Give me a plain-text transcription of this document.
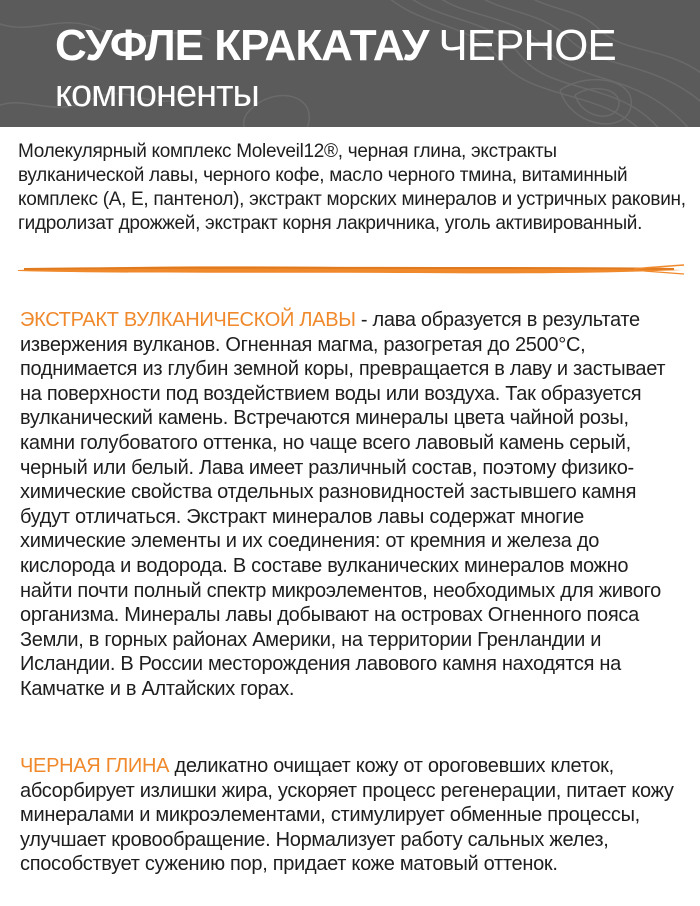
СУФЛЕ КРАКАТАУ ЧЕРНОЕ
компоненты
Молекулярный комплекс Moleveil12®, черная глина, экстракты вулканической лавы, черного кофе, масло черного тмина, витаминный комплекс (A, E, пантенол), экстракт морских минералов и устричных раковин, гидролизат дрожжей, экстракт корня лакричника, уголь активированный.
ЭКСТРАКТ ВУЛКАНИЧЕСКОЙ ЛАВЫ - лава образуется в результате извержения вулканов. Огненная магма, разогретая до 2500°С, поднимается из глубин земной коры, превращается в лаву и застывает на поверхности под воздействием воды или воздуха. Так образуется вулканический камень. Встречаются минералы цвета чайной розы, камни голубоватого оттенка, но чаще всего лавовый камень серый, черный или белый. Лава имеет различный состав, поэтому физико-химические свойства отдельных разновидностей застывшего камня будут отличаться. Экстракт минералов лавы содержат многие химические элементы и их соединения: от кремния и железа до кислорода и водорода. В составе вулканических минералов можно найти почти полный спектр микроэлементов, необходимых для живого организма. Минералы лавы добывают на островах Огненного пояса Земли, в горных районах Америки, на территории Гренландии и Исландии. В России месторождения лавового камня находятся на Камчатке и в Алтайских горах.
ЧЕРНАЯ ГЛИНА деликатно очищает кожу от ороговевших клеток, абсорбирует излишки жира, ускоряет процесс регенерации, питает кожу минералами и микроэлементами, стимулирует обменные процессы, улучшает кровообращение. Нормализует работу сальных желез, способствует сужению пор, придает коже матовый оттенок.
